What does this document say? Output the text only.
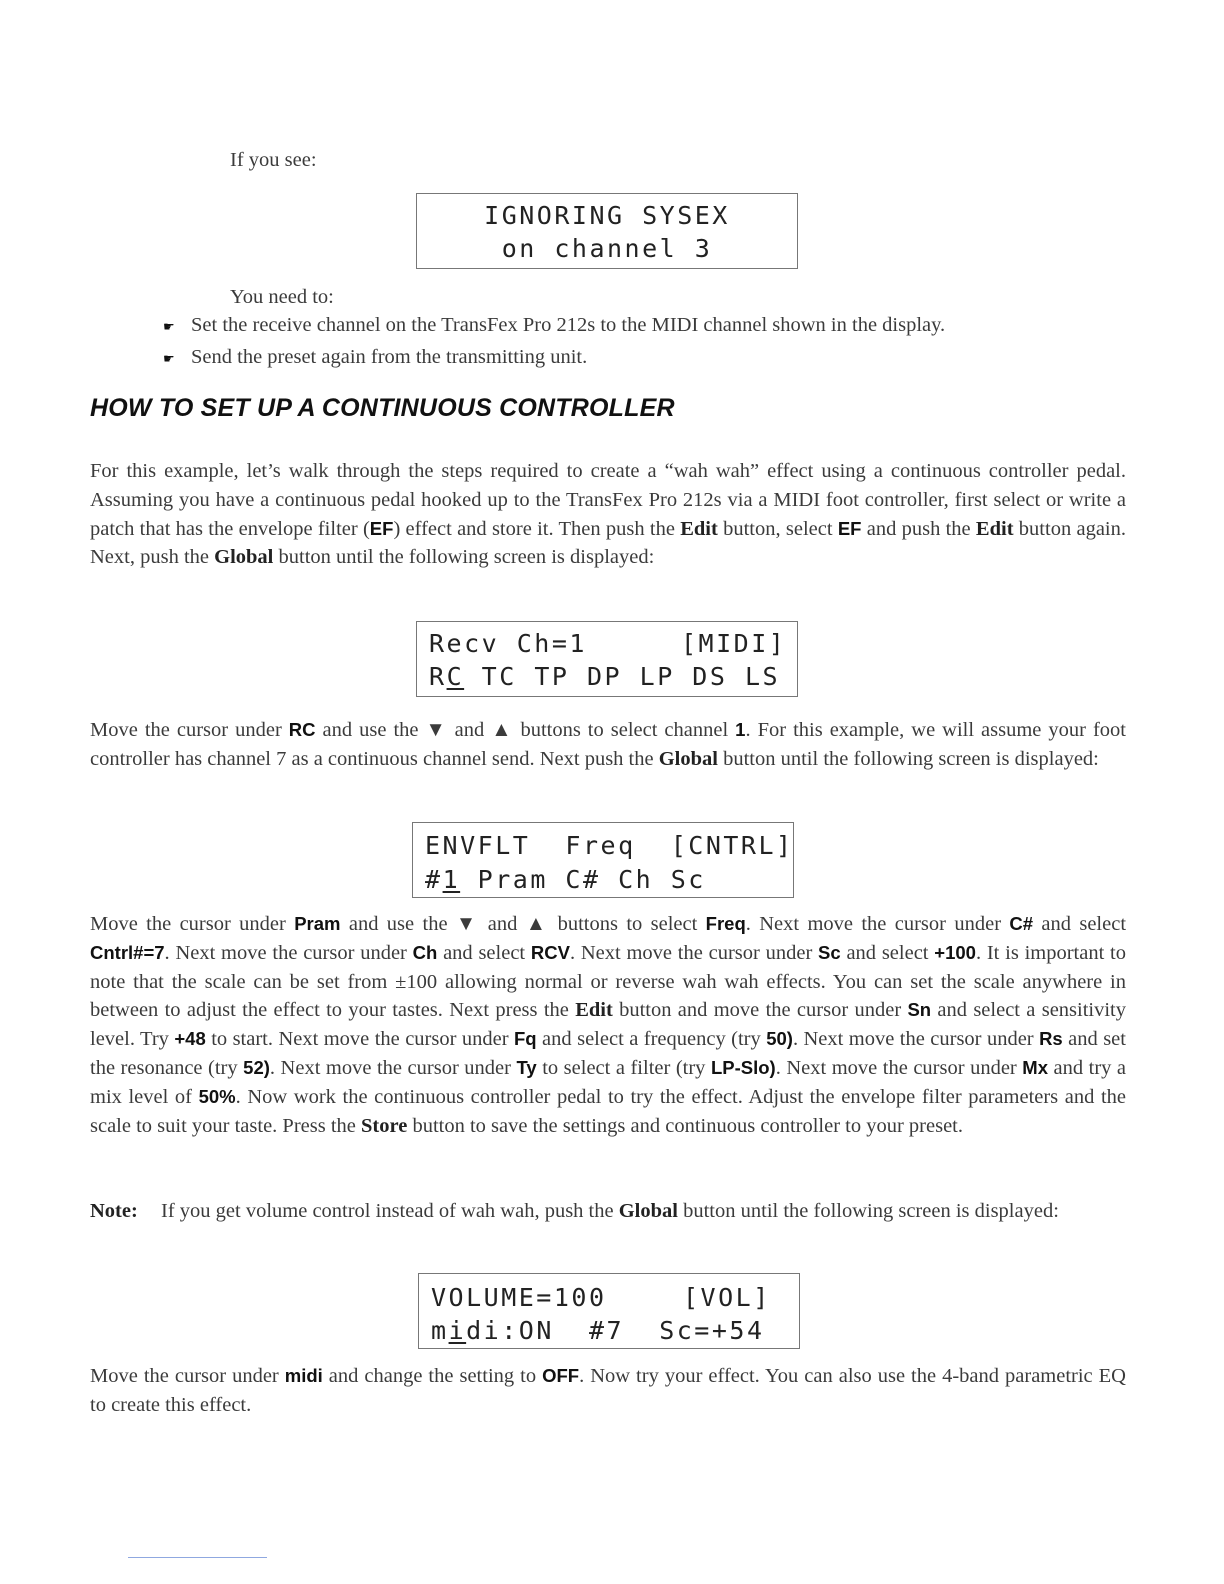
If you see:

IGNORING SYSEX

on channel 3

You need to:
☛ Set the receive channel on the TransFex Pro 212s to the MIDI channel shown in the display.
☛ Send the preset again from the transmitting unit.
HOW TO SET UP A CONTINUOUS CONTROLLER
For this example, let’s walk through the steps required to create a “wah wah” effect using a continuous controller pedal. Assuming you have a continuous pedal hooked up to the TransFex Pro 212s via a MIDI foot controller, first select or write a patch that has the envelope filter (EF) effect and store it. Then push the Edit button, select EF and push the Edit button again. Next, push the Global button until the following screen is displayed:

Recv Ch=1

	[MIDI]

RC TC TP DP LP DS LS

Move the cursor under RC and use the ▼ and ▲ buttons to select channel 1. For this example, we will assume your foot controller has channel 7 as a continuous channel send. Next push the Global button until the following screen is displayed:

ENVFLT  Freq  [CNTRL]

#1 Pram C# Ch Sc

Move the cursor under Pram and use the ▼ and ▲ buttons to select Freq. Next move the cursor under C# and select Cntrl#=7. Next move the cursor under Ch and select RCV. Next move the cursor under Sc and select +100. It is important to note that the scale can be set from ±100 allowing normal or reverse wah wah effects. You can set the scale anywhere in between to adjust the effect to your tastes. Next press the Edit button and move the cursor under Sn and select a sensitivity level. Try +48 to start. Next move the cursor under Fq and select a frequency (try 50). Next move the cursor under Rs and set the resonance (try 52). Next move the cursor under Ty to select a filter (try LP-Slo). Next move the cursor under Mx and try a mix level of 50%. Now work the continuous controller pedal to try the effect. Adjust the envelope filter parameters and the scale to suit your taste. Press the Store button to save the settings and continuous controller to your preset.
Note:	If you get volume control instead of wah wah, push the Global button until the following screen is displayed:

VOLUME=100

	[VOL]

midi:ON  #7  Sc=+54

Move the cursor under midi and change the setting to OFF. Now try your effect. You can also use the 4-band parametric EQ to create this effect.
